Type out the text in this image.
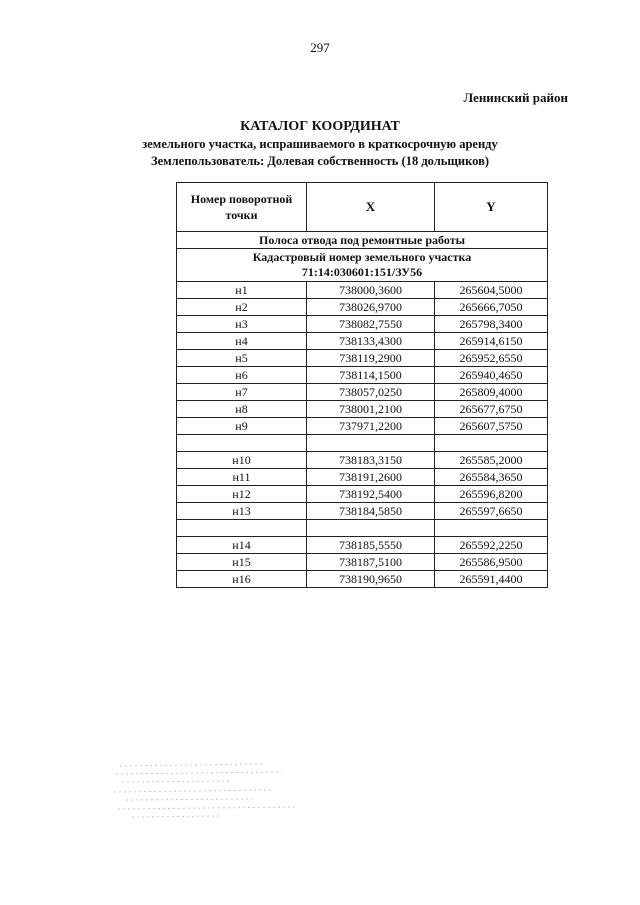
297
Ленинский район
КАТАЛОГ КООРДИНАТ
земельного участка, испрашиваемого в краткосрочную аренду
Землепользователь: Долевая собственность (18 дольщиков)
Номер поворотной точки	X	Y
Полоса отвода под ремонтные работы		

Кадастровый номер земельного участка
71:14:030601:151/ЗУ56		

н1	738000,3600	265604,5000
н2	738026,9700	265666,7050
н3	738082,7550	265798,3400
н4	738133,4300	265914,6150
н5	738119,2900	265952,6550
н6	738114,1500	265940,4650
н7	738057,0250	265809,4000
н8	738001,2100	265677,6750
н9	737971,2200	265607,5750

н10	738183,3150	265585,2000
н11	738191,2600	265584,3650
н12	738192,5400	265596,8200
н13	738184,5850	265597,6650

н14	738185,5550	265592,2250
н15	738187,5100	265586,9500
н16	738190,9650	265591,4400
